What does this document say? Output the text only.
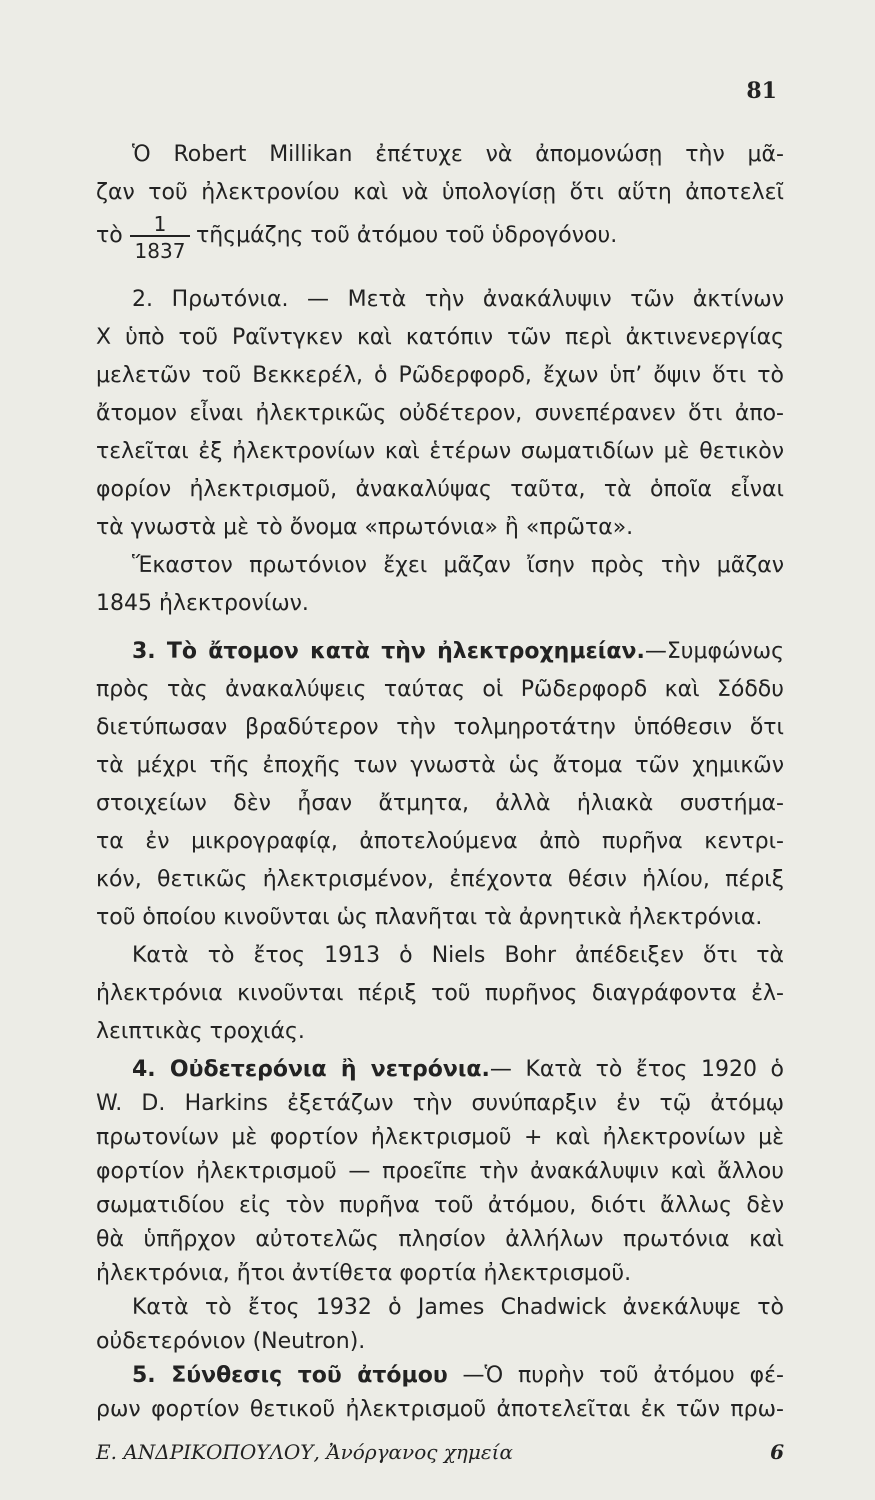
81
Ὁ Robert Millikan ἐπέτυχε νὰ ἀπομονώσῃ τὴν μᾶ-
ζαν τοῦ ἠλεκτρονίου καὶ νὰ ὑπολογίσῃ ὅτι αὕτη ἀποτελεῖ
τὸ $\frac{1}{1837}$ τῆςμάζης τοῦ ἀτόμου τοῦ ὑδρογόνου.
2. Πρωτόνια. — Μετὰ τὴν ἀνακάλυψιν τῶν ἀκτίνων
Χ ὑπὸ τοῦ Ραῖντγκεν καὶ κατόπιν τῶν περὶ ἀκτινενεργίας
μελετῶν τοῦ Βεκκερέλ, ὁ Ρῶδερφορδ, ἔχων ὑπ’ ὄψιν ὅτι τὸ
ἄτομον εἶναι ἠλεκτρικῶς οὐδέτερον, συνεπέρανεν ὅτι ἀπο-
τελεῖται ἐξ ἠλεκτρονίων καὶ ἑτέρων σωματιδίων μὲ θετικὸν
φορίον ἠλεκτρισμοῦ, ἀνακαλύψας ταῦτα, τὰ ὁποῖα εἶναι
τὰ γνωστὰ μὲ τὸ ὄνομα «πρωτόνια» ἢ «πρῶτα».
Ἕκαστον πρωτόνιον ἔχει μᾶζαν ἴσην πρὸς τὴν μᾶζαν
1845 ἠλεκτρονίων.
3. Τὸ ἄτομον κατὰ τὴν ἠλεκτροχημείαν.—Συμφώνως
πρὸς τὰς ἀνακαλύψεις ταύτας οἱ Ρῶδερφορδ καὶ Σόδδυ
διετύπωσαν βραδύτερον τὴν τολμηροτάτην ὑπόθεσιν ὅτι
τὰ μέχρι τῆς ἐποχῆς των γνωστὰ ὡς ἄτομα τῶν χημικῶν
στοιχείων δὲν ἦσαν ἄτμητα, ἀλλὰ ἡλιακὰ συστήμα-
τα ἐν μικρογραφίᾳ, ἀποτελούμενα ἀπὸ πυρῆνα κεντρι-
κόν, θετικῶς ἠλεκτρισμένον, ἐπέχοντα θέσιν ἡλίου, πέριξ
τοῦ ὁποίου κινοῦνται ὡς πλανῆται τὰ ἀρνητικὰ ἠλεκτρόνια.
Κατὰ τὸ ἔτος 1913 ὁ Niels Bohr ἀπέδειξεν ὅτι τὰ
ἠλεκτρόνια κινοῦνται πέριξ τοῦ πυρῆνος διαγράφοντα ἐλ-
λειπτικὰς τροχιάς.
4. Οὐδετερόνια ἢ νετρόνια.— Κατὰ τὸ ἔτος 1920 ὁ
Ε. ΑΝΔΡΙΚΟΠΟΥΛΟΥ, Ἀνόργανος χημεία	6
W. D. Harkins ἐξετάζων τὴν συνύπαρξιν ἐν τῷ ἀτόμῳ
πρωτονίων μὲ φορτίον ἠλεκτρισμοῦ + καὶ ἠλεκτρονίων μὲ
φορτίον ἠλεκτρισμοῦ — προεῖπε τὴν ἀνακάλυψιν καὶ ἄλλου
σωματιδίου εἰς τὸν πυρῆνα τοῦ ἀτόμου, διότι ἄλλως δὲν
θὰ ὑπῆρχον αὐτοτελῶς πλησίον ἀλλήλων πρωτόνια καὶ
ἠλεκτρόνια, ἤτοι ἀντίθετα φορτία ἠλεκτρισμοῦ.
Κατὰ τὸ ἔτος 1932 ὁ James Chadwick ἀνεκάλυψε τὸ
οὐδετερόνιον (Neutron).
5. Σύνθεσις τοῦ ἀτόμου —Ὁ πυρὴν τοῦ ἀτόμου φέ-
ρων φορτίον θετικοῦ ἠλεκτρισμοῦ ἀποτελεῖται ἐκ τῶν πρω-
